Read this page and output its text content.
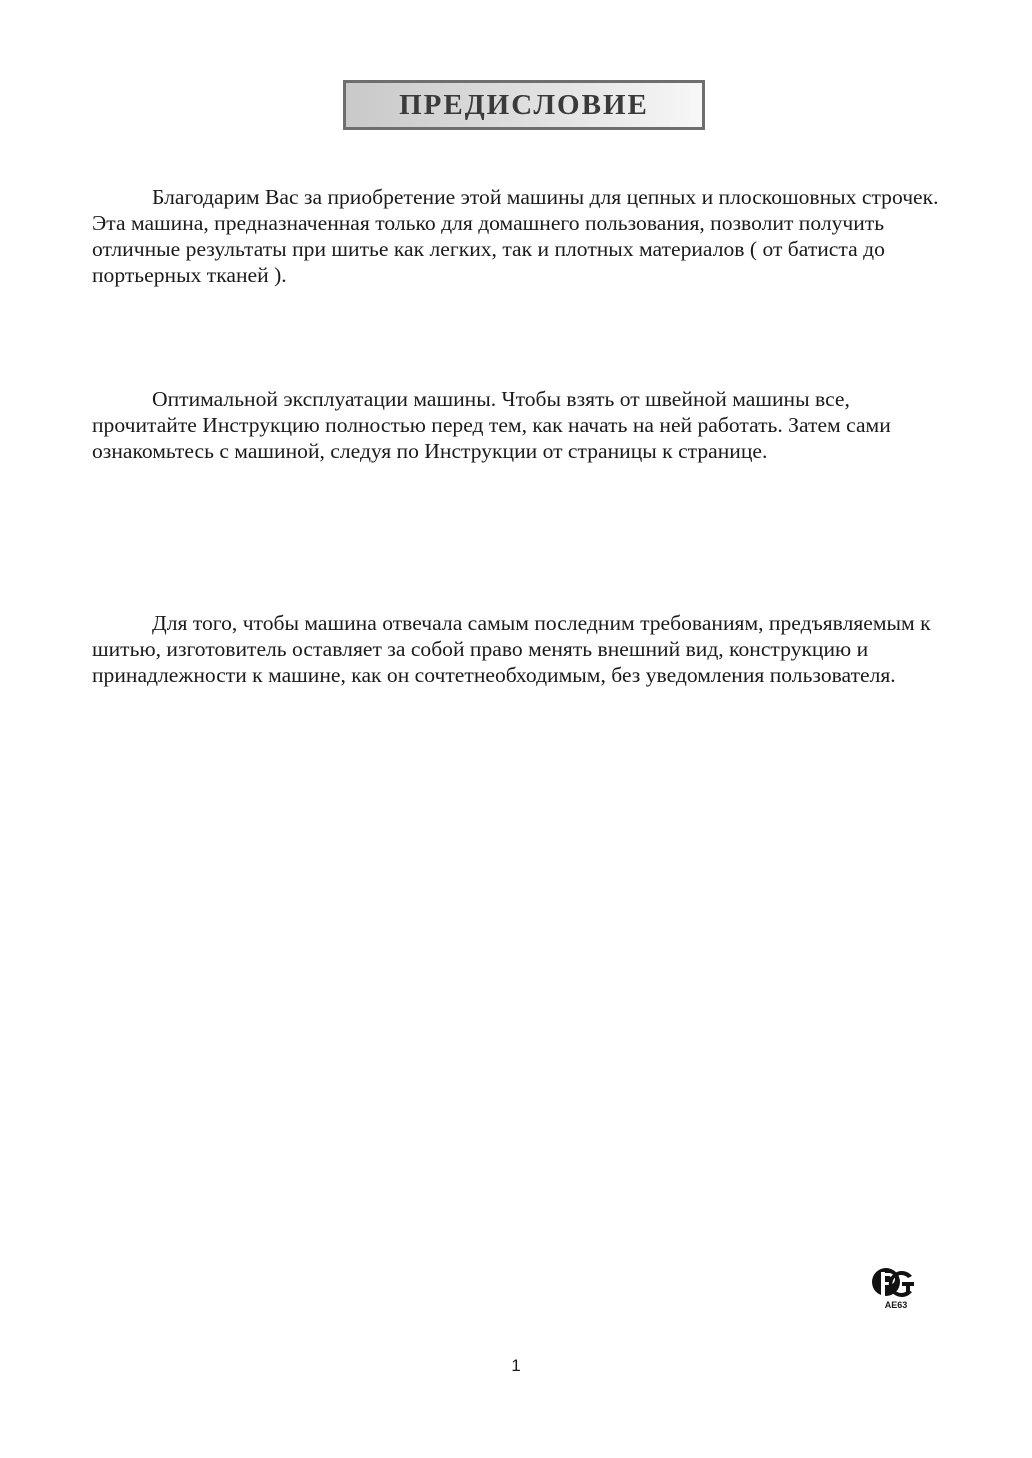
ПРЕДИСЛОВИЕ

Благодарим Вас за приобретение этой машины для цепных и плоскошовных строчек. Эта машина, предназначенная только для домашнего пользования, позволит получить отличные результаты при шитье как легких, так и плотных материалов ( от батиста до портьерных тканей ).

Оптимальной эксплуатации машины. Чтобы взять от швейной машины все, прочитайте Инструкцию полностью перед тем, как начать на ней работать. Затем сами ознакомьтесь с машиной, следуя по Инструкции от страницы к странице.

Для того, чтобы машина отвечала самым последним требованиям, предъявляемым к шитью, изготовитель оставляет за собой право менять внешний вид, конструкцию и принадлежности к машине, как он сочтетнеобходимым, без уведомления пользователя.

AE63
1
